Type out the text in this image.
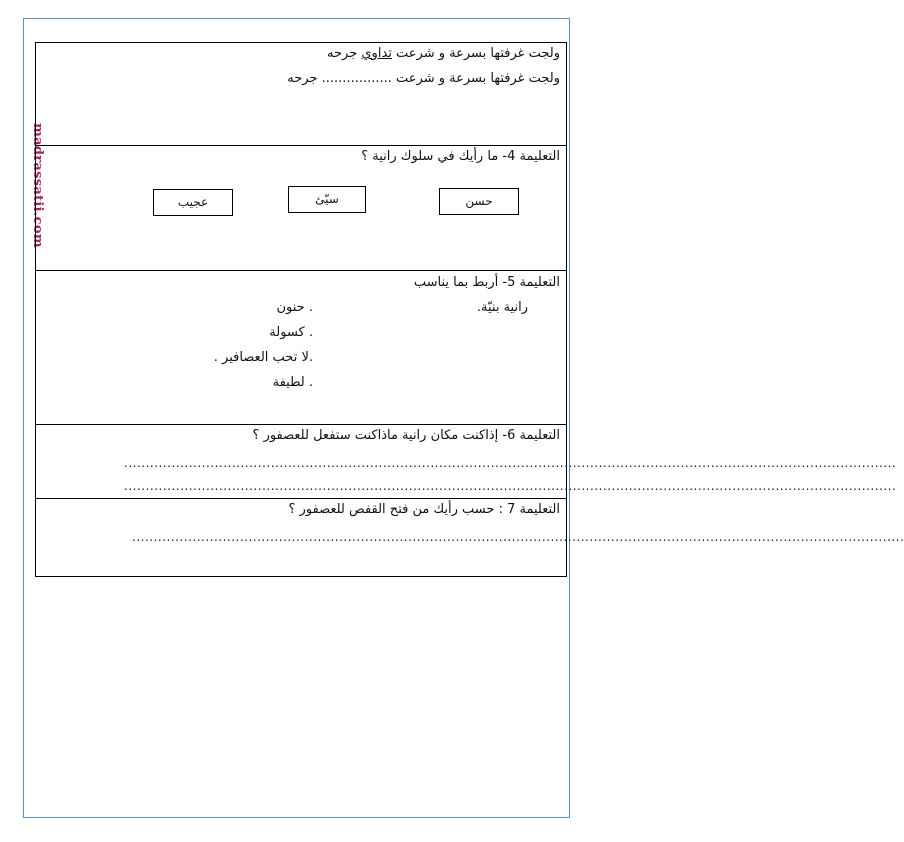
madrassatii.com
ولجت غرفتها بسرعة و شرعت تداوي جرحه
ولجت غرفتها بسرعة و شرعت ................. جرحه
التعليمة 4- ما رأيك في سلوك رانية ؟
حسن
سيّئ
عجيب
التعليمة 5- أربط بما يناسب
رانية بنيّة.
. حنون
. كسولة
.لا تحب العصافير .
. لطيفة
التعليمة 6- إذاكنت مكان رانية ماذاكنت ستفعل للعصفور ؟
...................................................................................................................................................................................
...................................................................................................................................................................................
التعليمة 7 : حسب رأيك من فتح القفص للعصفور ؟
...................................................................................................................................................................................
